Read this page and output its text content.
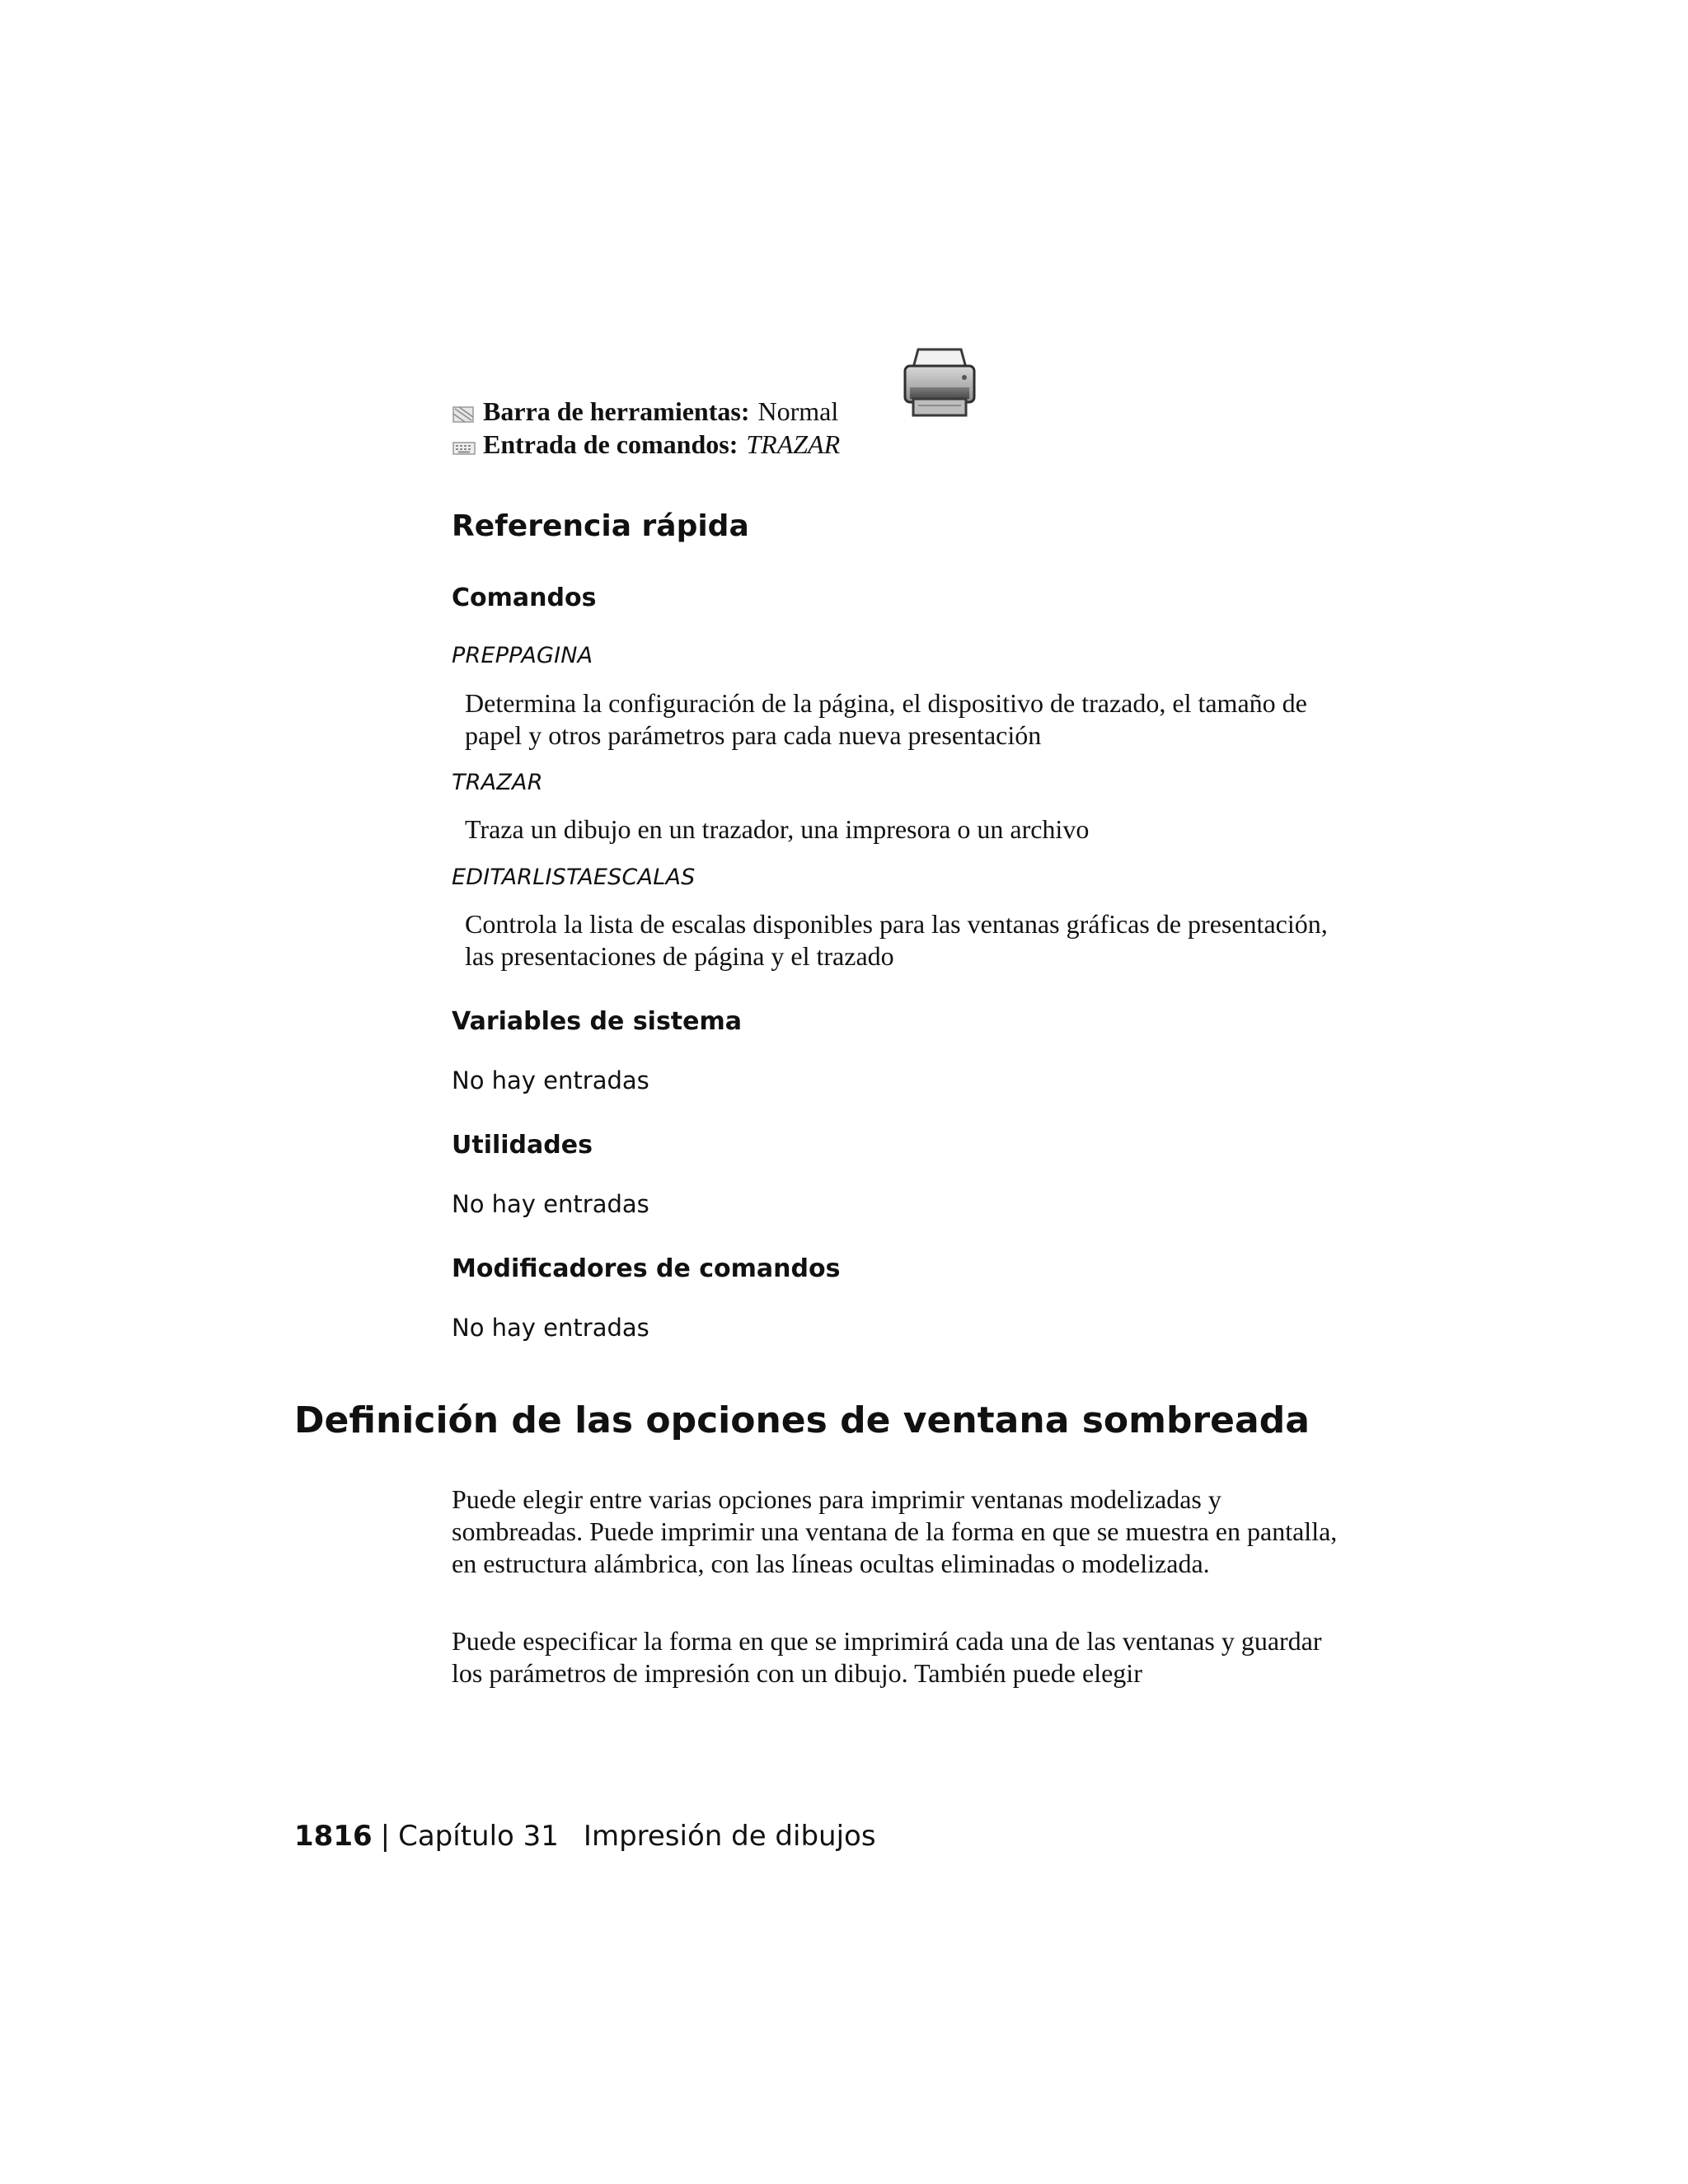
Barra de herramientas: Normal
Entrada de comandos: TRAZAR
Referencia rápida
Comandos
PREPPAGINA
Determina la configuración de la página, el dispositivo de trazado, el tamaño de papel y otros parámetros para cada nueva presentación
TRAZAR
Traza un dibujo en un trazador, una impresora o un archivo
EDITARLISTAESCALAS
Controla la lista de escalas disponibles para las ventanas gráficas de presentación, las presentaciones de página y el trazado
Variables de sistema
No hay entradas
Utilidades
No hay entradas
Modificadores de comandos
No hay entradas
Definición de las opciones de ventana sombreada

Puede elegir entre varias opciones para imprimir ventanas modelizadas y sombreadas. Puede imprimir una ventana de la forma en que se muestra en pantalla, en estructura alámbrica, con las líneas ocultas eliminadas o modelizada.

Puede especificar la forma en que se imprimirá cada una de las ventanas y guardar los parámetros de impresión con un dibujo. También puede elegir

1816 | Capítulo 31 Impresión de dibujos
